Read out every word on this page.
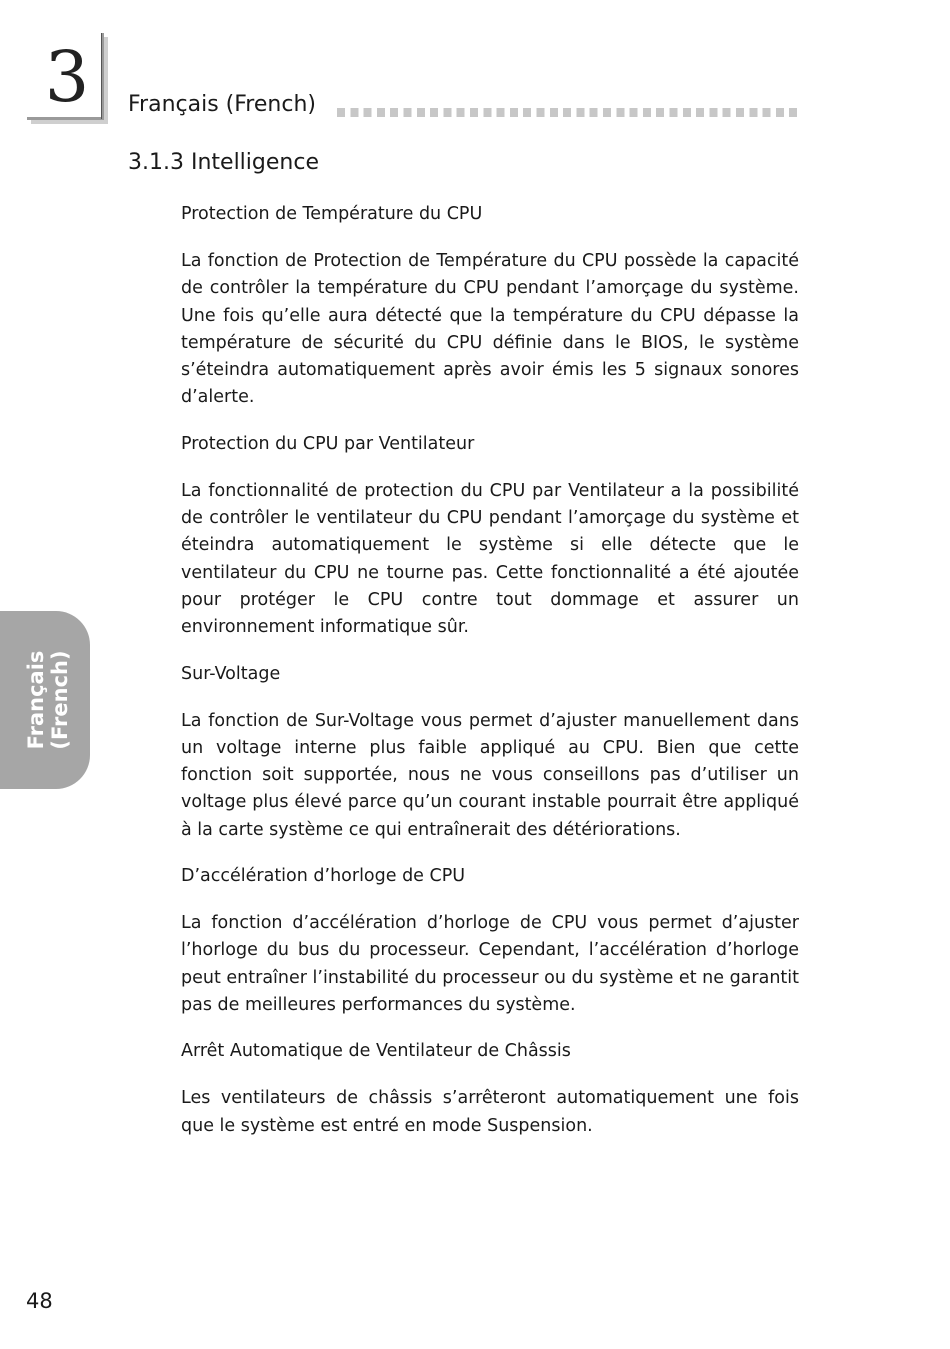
3	Français (French)
3.1.3 Intelligence
Protection de Température du CPU

La fonction de Protection de Température du CPU possède la capacité de contrôler la température du CPU pendant l’amorçage du système. Une fois qu’elle aura détecté que la température du CPU dépasse la température de sécurité du CPU définie dans le BIOS, le système s’éteindra automatiquement après avoir émis les 5 signaux sonores d’alerte.

Protection du CPU par Ventilateur

La fonctionnalité de protection du CPU par Ventilateur a la possibilité de contrôler le ventilateur du CPU pendant l’amorçage du système et éteindra automatiquement le système si elle détecte que le ventilateur du CPU ne tourne pas. Cette fonctionnalité a été ajoutée pour protéger le CPU contre tout dommage et assurer un environnement informatique sûr.

Sur-Voltage

La fonction de Sur-Voltage vous permet d’ajuster manuellement dans un voltage interne plus faible appliqué au CPU. Bien que cette fonction soit supportée, nous ne vous conseillons pas d’utiliser un voltage plus élevé parce qu’un courant instable pourrait être appliqué à la carte système ce qui entraînerait des détériorations.

D’accélération d’horloge de CPU

La fonction d’accélération d’horloge de CPU vous permet d’ajuster l’horloge du bus du processeur. Cependant, l’accélération d’horloge peut entraîner l’instabilité du processeur ou du système et ne garantit pas de meilleures performances du système.

Arrêt Automatique de Ventilateur de Châssis

Les ventilateurs de châssis s’arrêteront automatiquement une fois que le système est entré en mode Suspension.

Français (French)
48
